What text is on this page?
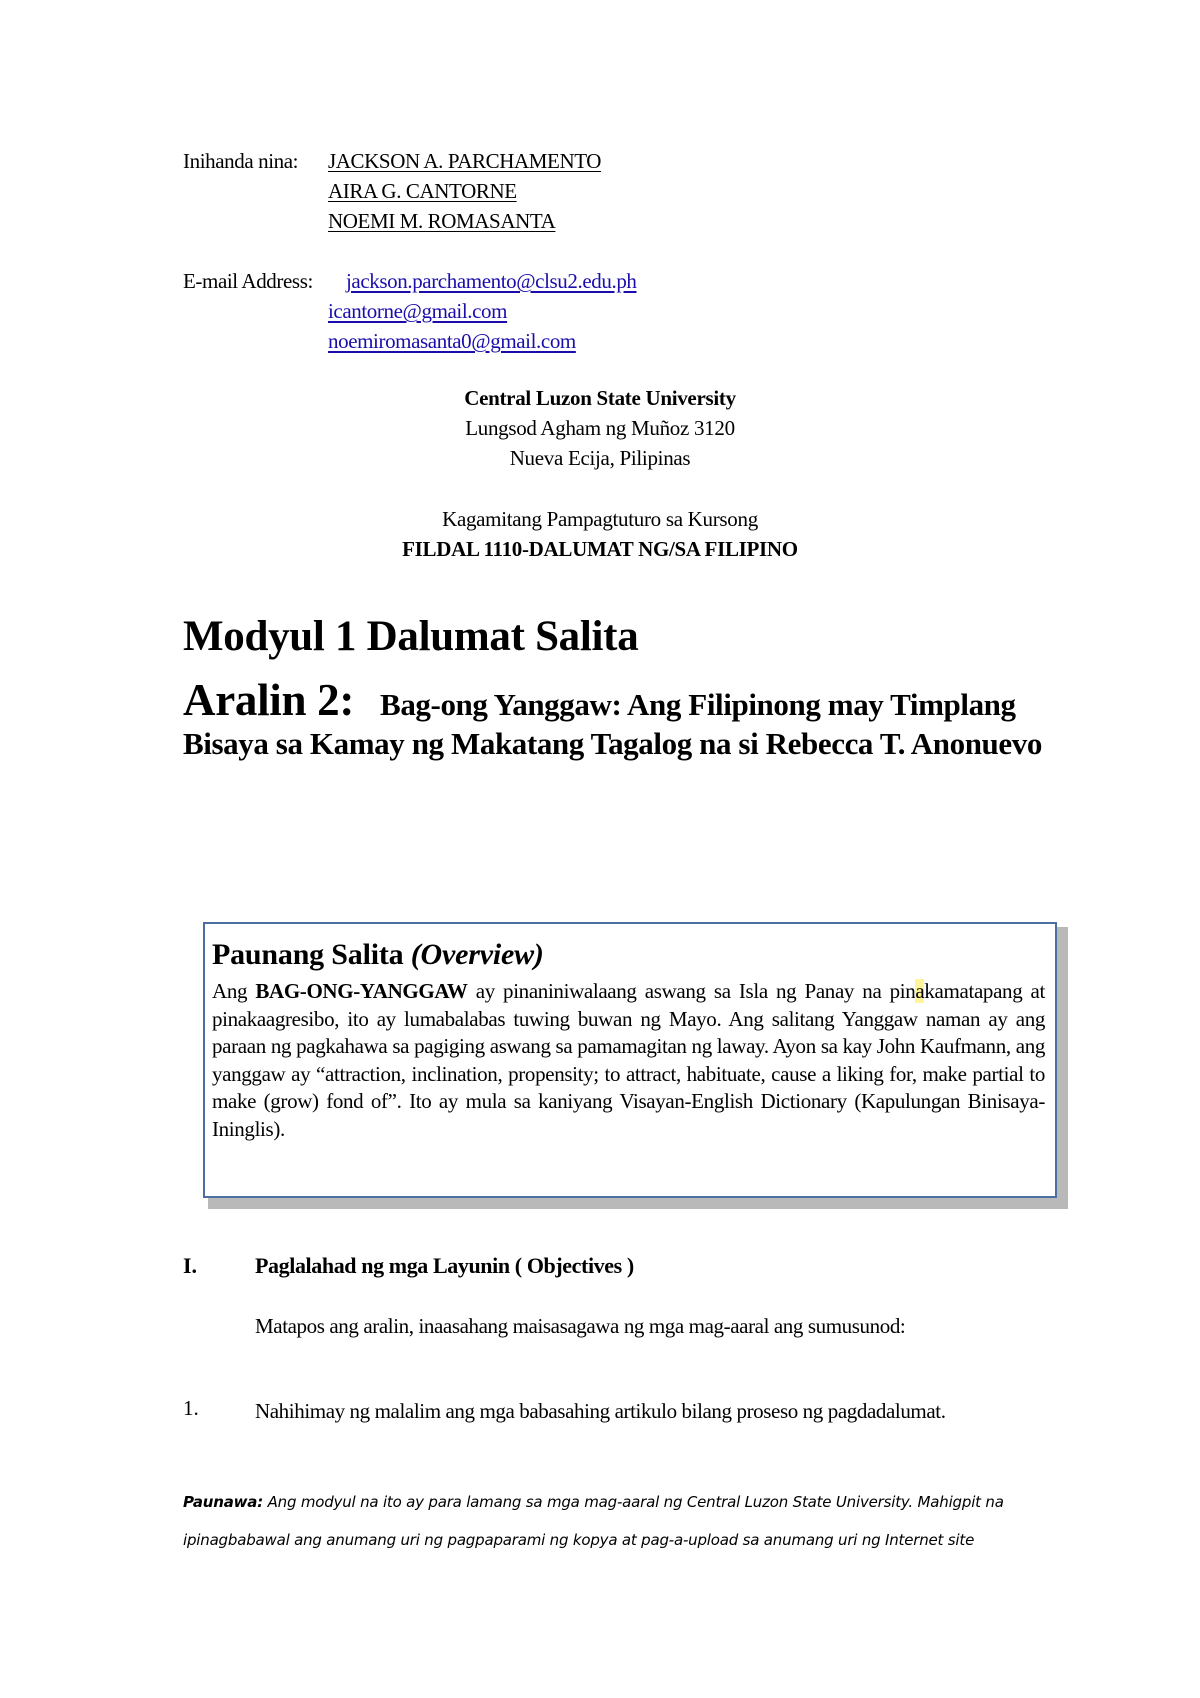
Inihanda nina: JACKSON A. PARCHAMENTO
AIRA G. CANTORNE
NOEMI M. ROMASANTA
E-mail Address: jackson.parchamento@clsu2.edu.ph
icantorne@gmail.com
noemiromasanta0@gmail.com
Central Luzon State University
Lungsod Agham ng Muñoz 3120
Nueva Ecija, Pilipinas
Kagamitang Pampagtuturo sa Kursong
FILDAL 1110-DALUMAT NG/SA FILIPINO
Modyul 1 Dalumat Salita
Aralin 2: Bag-ong Yanggaw: Ang Filipinong may Timplang Bisaya sa Kamay ng Makatang Tagalog na si Rebecca T. Anonuevo
Paunang Salita (Overview)
Ang BAG-ONG-YANGGAW ay pinaniniwalaang aswang sa Isla ng Panay na pinakamatapang at pinakaagresibo, ito ay lumabalabas tuwing buwan ng Mayo. Ang salitang Yanggaw naman ay ang paraan ng pagkahawa sa pagiging aswang sa pamamagitan ng laway. Ayon sa kay John Kaufmann, ang yanggaw ay “attraction, inclination, propensity; to attract, habituate, cause a liking for, make partial to make (grow) fond of”. Ito ay mula sa kaniyang Visayan-English Dictionary (Kapulungan Binisaya-Ininglis).
I.	Paglalahad ng mga Layunin ( Objectives )
Matapos ang aralin, inaasahang maisasagawa ng mga mag-aaral ang sumusunod:
1.	Nahihimay ng malalim ang mga babasahing artikulo bilang proseso ng pagdadalumat.
Paunawa: Ang modyul na ito ay para lamang sa mga mag-aaral ng Central Luzon State University. Mahigpit na ipinagbabawal ang anumang uri ng pagpaparami ng kopya at pag-a-upload sa anumang uri ng Internet site
